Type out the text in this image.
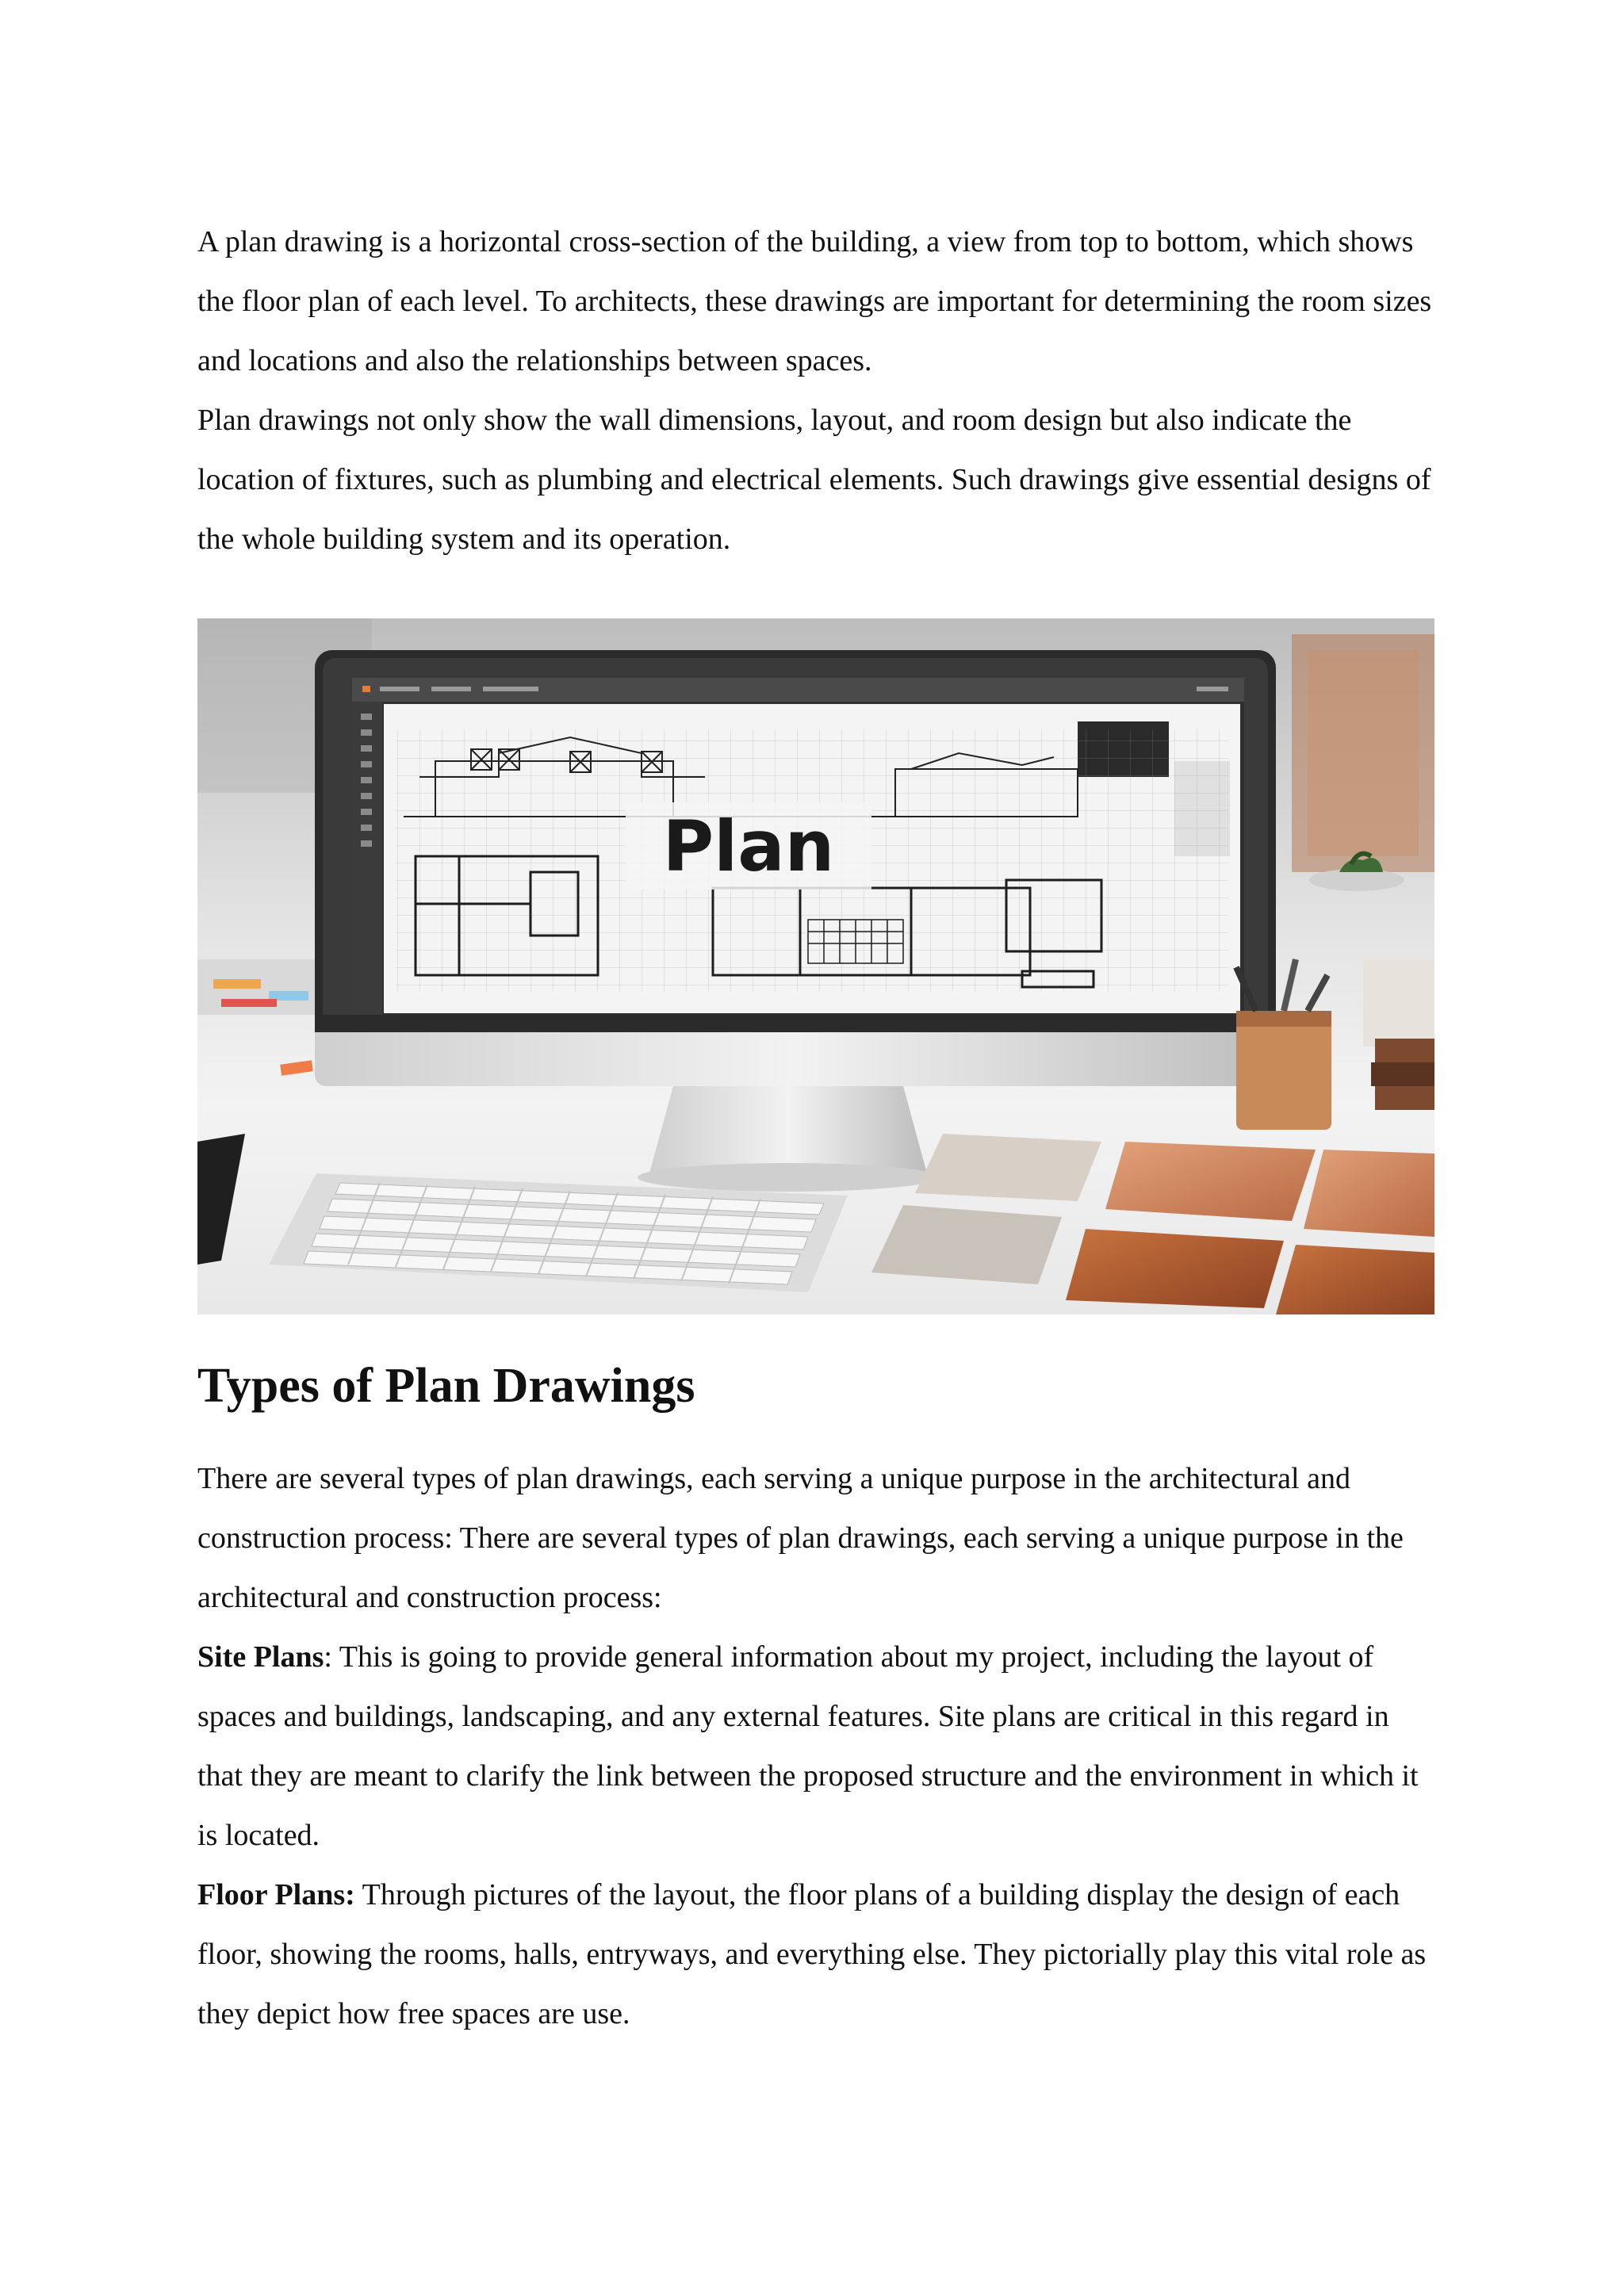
A plan drawing is a horizontal cross-section of the building, a view from top to bottom, which shows the floor plan of each level. To architects, these drawings are important for determining the room sizes and locations and also the relationships between spaces.

Plan drawings not only show the wall dimensions, layout, and room design but also indicate the location of fixtures, such as plumbing and electrical elements. Such drawings give essential designs of the whole building system and its operation.

Plan
Types of Plan Drawings

There are several types of plan drawings, each serving a unique purpose in the architectural and construction process: There are several types of plan drawings, each serving a unique purpose in the architectural and construction process:

Site Plans: This is going to provide general information about my project, including the layout of spaces and buildings, landscaping, and any external features. Site plans are critical in this regard in that they are meant to clarify the link between the proposed structure and the environment in which it is located.

Floor Plans: Through pictures of the layout, the floor plans of a building display the design of each floor, showing the rooms, halls, entryways, and everything else. They pictorially play this vital role as they depict how free spaces are use.
